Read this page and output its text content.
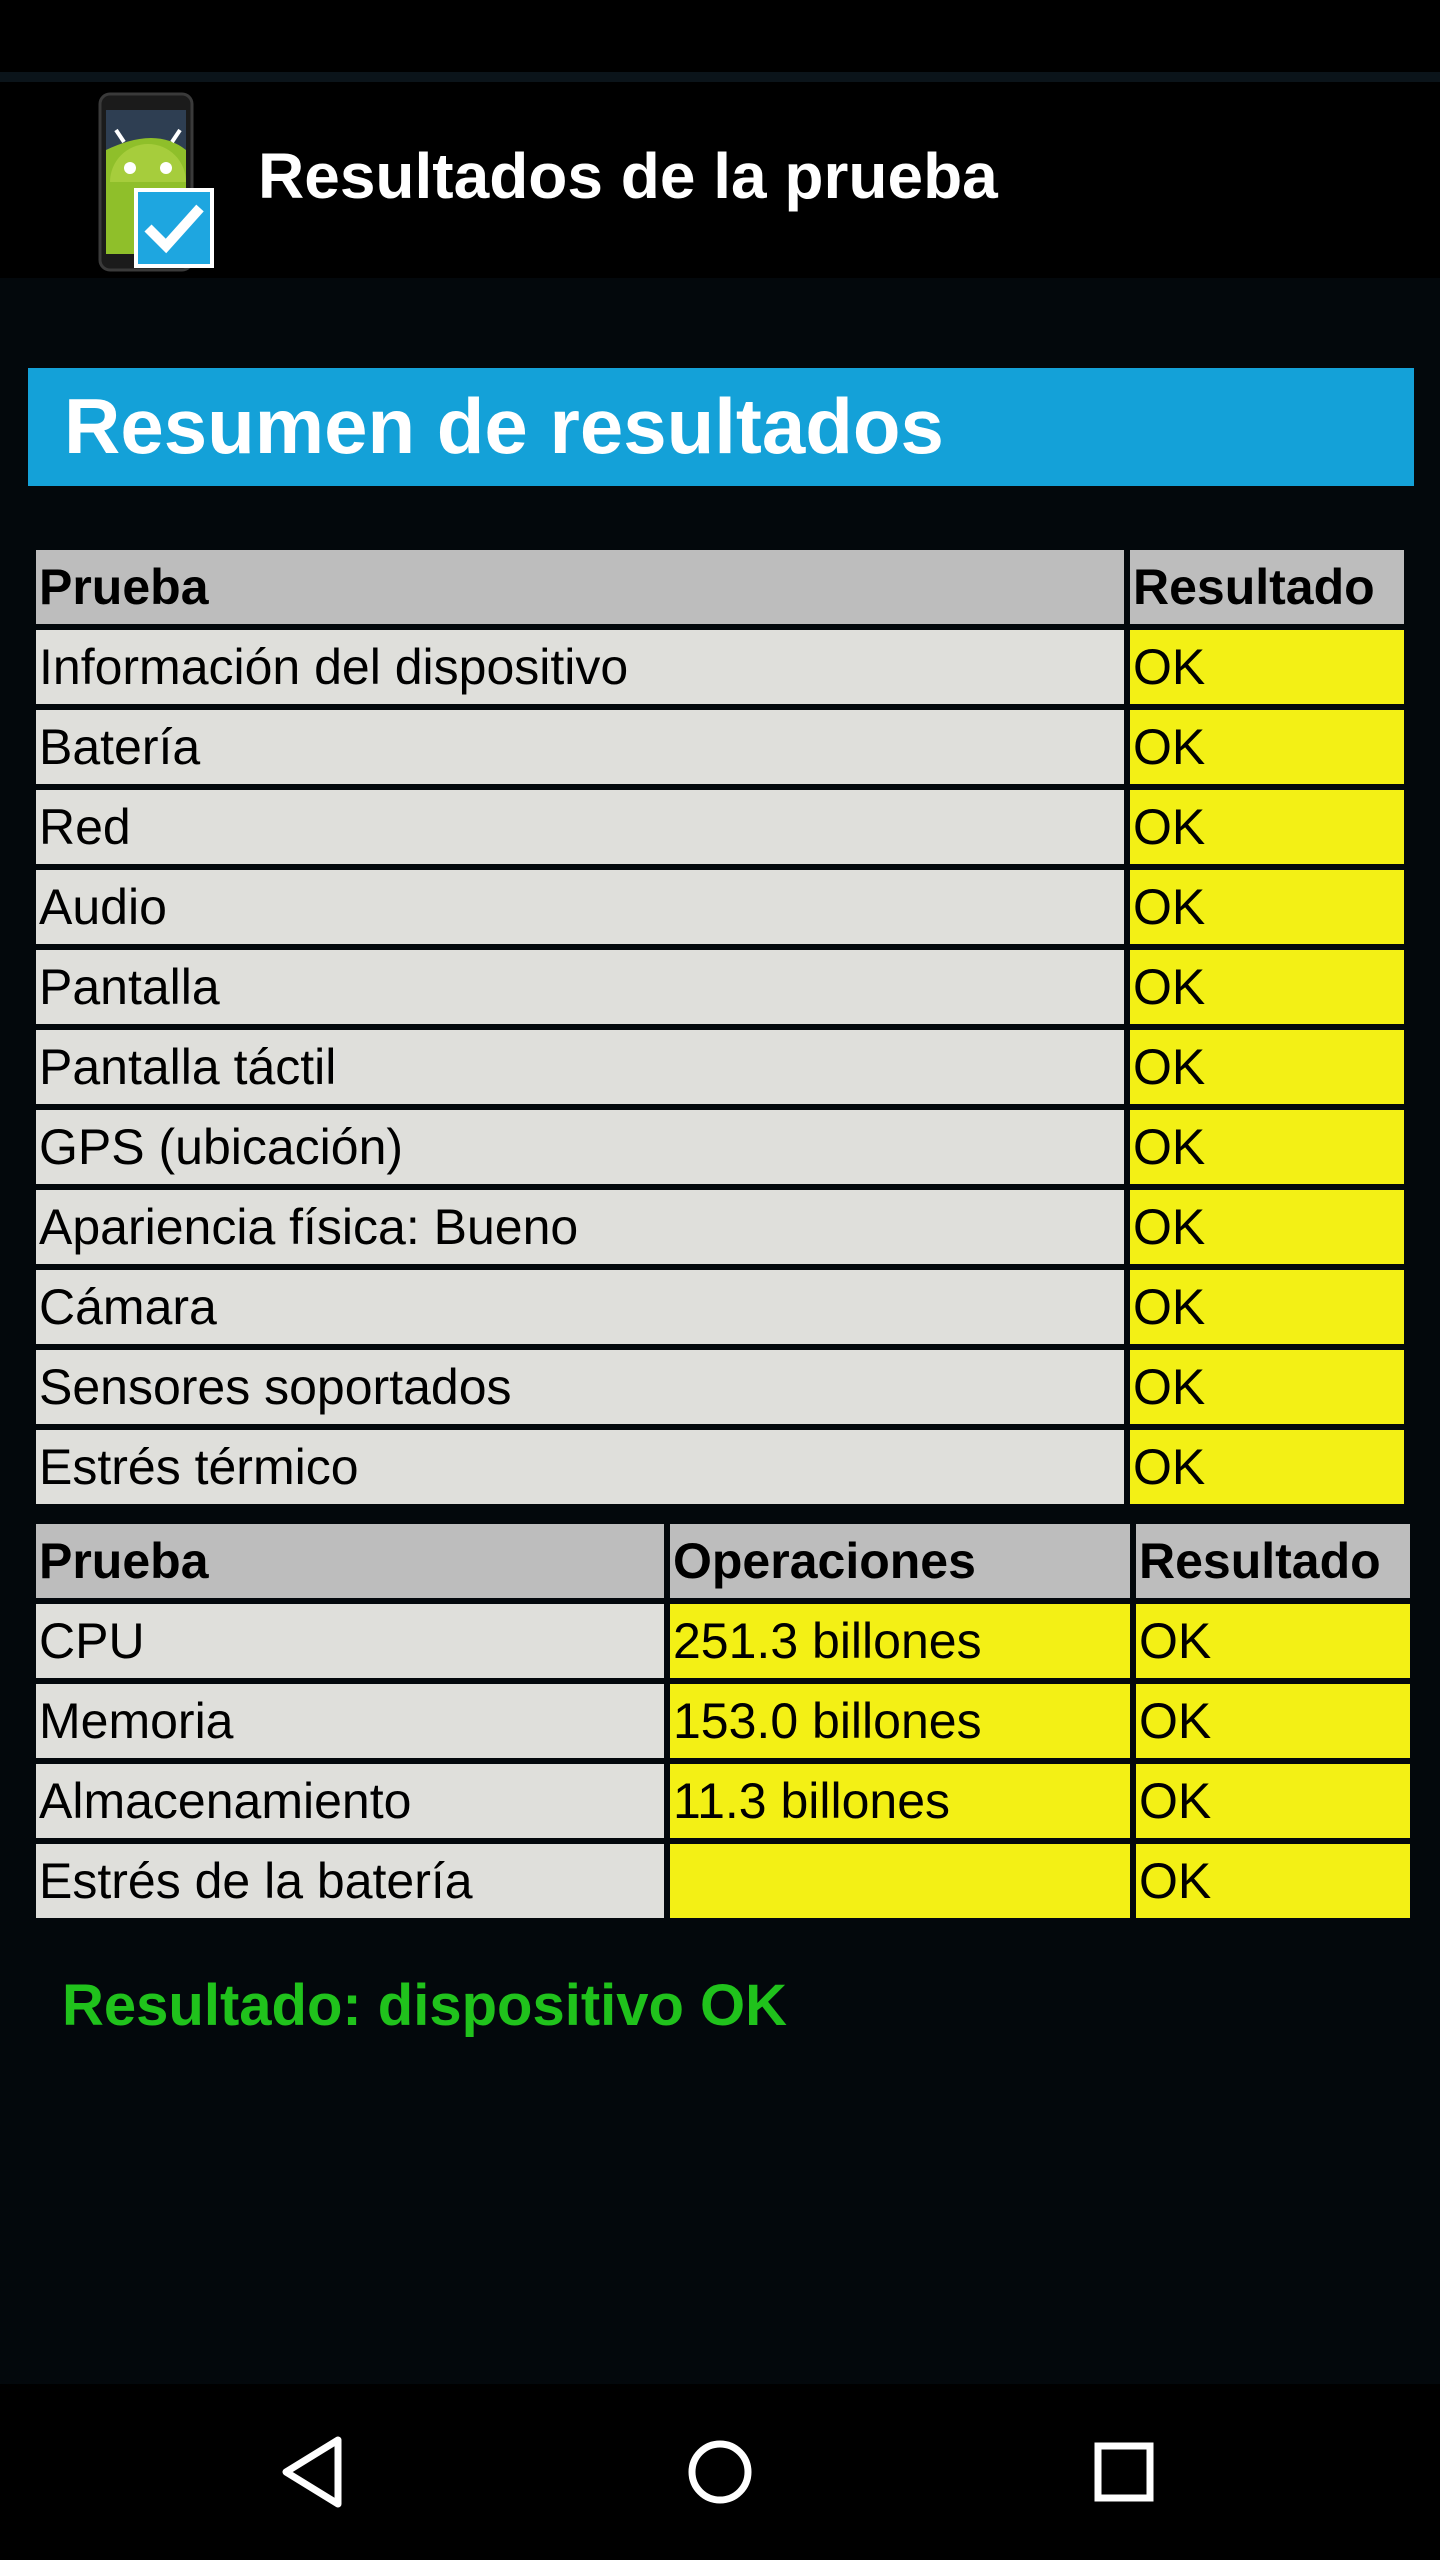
Resultados de la prueba
Resumen de resultados
Prueba	Resultado
Información del dispositivo	OK
Batería	OK
Red	OK
Audio	OK
Pantalla	OK
Pantalla táctil	OK
GPS (ubicación)	OK
Apariencia física: Bueno	OK
Cámara	OK
Sensores soportados	OK
Estrés térmico	OK
Prueba	Operaciones	Resultado
CPU	251.3 billones	OK
Memoria	153.0 billones	OK
Almacenamiento	11.3 billones	OK
Estrés de la batería		OK
Resultado: dispositivo OK
